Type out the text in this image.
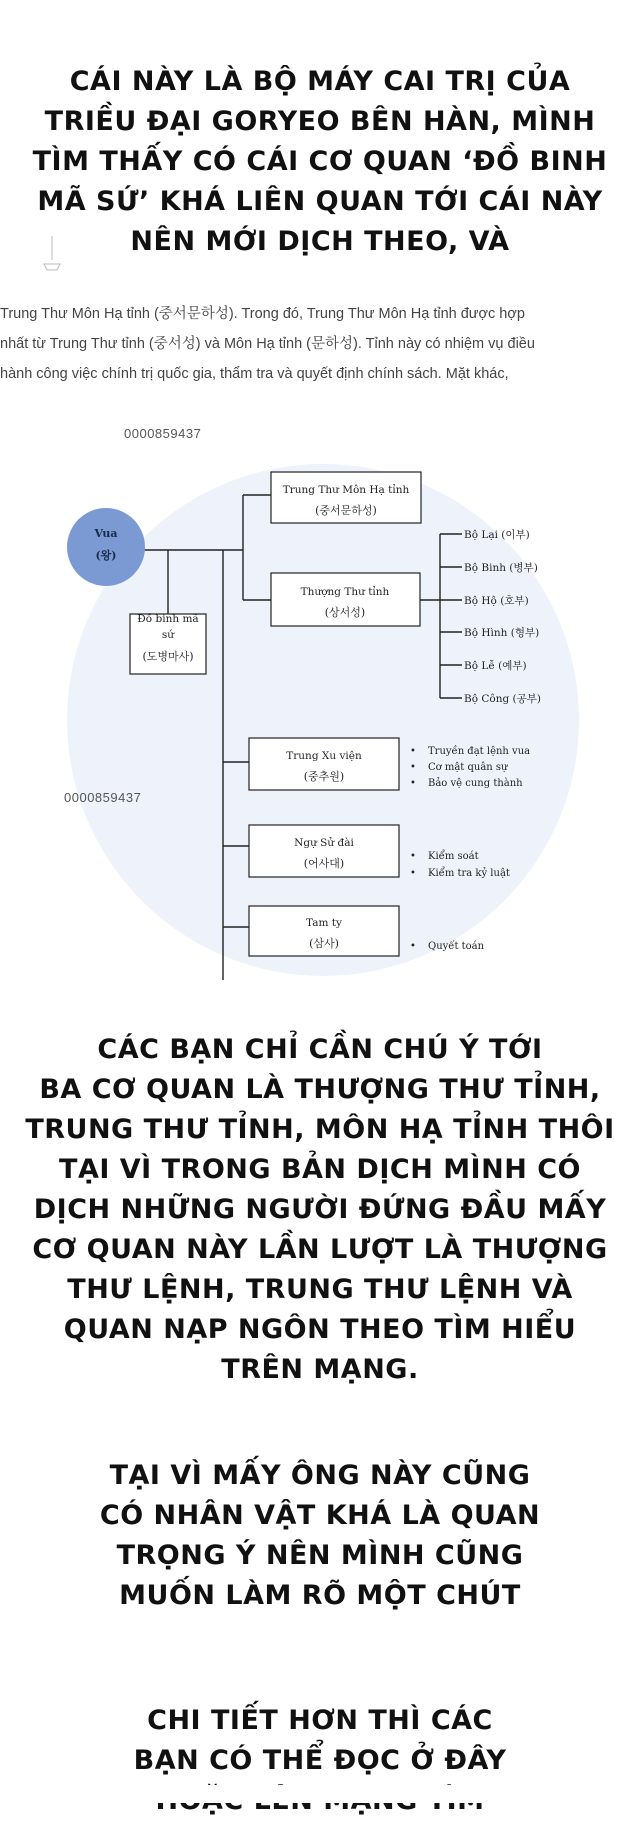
CÁI NÀY LÀ BỘ MÁY CAI TRỊ CỦA
TRIỀU ĐẠI GORYEO BÊN HÀN, MÌNH
TÌM THẤY CÓ CÁI CƠ QUAN ‘ĐỒ BINH
MÃ SỨ’ KHÁ LIÊN QUAN TỚI CÁI NÀY
NÊN MỚI DỊCH THEO, VÀ
Trung Thư Môn Hạ tỉnh (중서문하성). Trong đó, Trung Thư Môn Hạ tỉnh được hợp
nhất từ Trung Thư tỉnh (중서성) và Môn Hạ tỉnh (문하성). Tỉnh này có nhiệm vụ điều
hành công việc chính trị quốc gia, thẩm tra và quyết định chính sách. Mặt khác,
0000859437
Vua
(왕)
Đồ binh mã
sứ
(도병마사)
Trung Thư Môn Hạ tỉnh
(중서문하성)
Thượng Thư tỉnh
(상서성)
Trung Xu viện
(중추원)
Ngự Sử đài
(어사대)
Tam ty
(삼사)
Bộ Lại (이부)
Bộ Binh (병부)
Bộ Hộ (호부)
Bộ Hình (형부)
Bộ Lễ (예부)
Bộ Công (공부)
• Truyền đạt lệnh vua
• Cơ mật quân sự
• Bảo vệ cung thành
• Kiểm soát
• Kiểm tra kỷ luật
• Quyết toán
0000859437
CÁC BẠN CHỈ CẦN CHÚ Ý TỚI
BA CƠ QUAN LÀ THƯỢNG THƯ TỈNH,
TRUNG THƯ TỈNH, MÔN HẠ TỈNH THÔI
TẠI VÌ TRONG BẢN DỊCH MÌNH CÓ
DỊCH NHỮNG NGƯỜI ĐỨNG ĐẦU MẤY
CƠ QUAN NÀY LẦN LƯỢT LÀ THƯỢNG
THƯ LỆNH, TRUNG THƯ LỆNH VÀ
QUAN NẠP NGÔN THEO TÌM HIỂU
TRÊN MẠNG.
TẠI VÌ MẤY ÔNG NÀY CŨNG
CÓ NHÂN VẬT KHÁ LÀ QUAN
TRỌNG Ý NÊN MÌNH CŨNG
MUỐN LÀM RÕ MỘT CHÚT
CHI TIẾT HƠN THÌ CÁC
BẠN CÓ THỂ ĐỌC Ở ĐÂY
